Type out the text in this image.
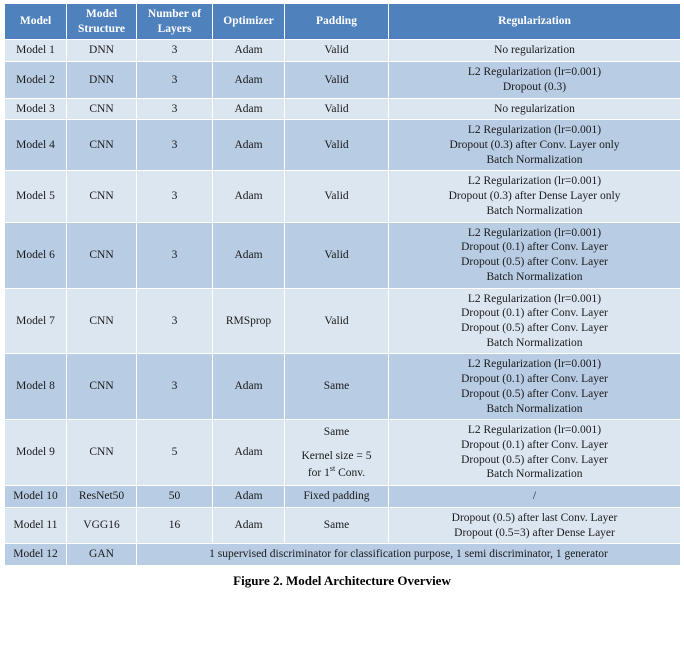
Model	Model Structure	Number of Layers	Optimizer	Padding	Regularization
Model 1	DNN	3	Adam	Valid	No regularization

Model 2	DNN	3	Adam	Valid	L2 Regularization (lr=0.001)
Dropout (0.3)

Model 3	CNN	3	Adam	Valid	No regularization

Model 4	CNN	3	Adam	Valid	L2 Regularization (lr=0.001)
Dropout (0.3) after Conv. Layer only
Batch Normalization

Model 5	CNN	3	Adam	Valid	L2 Regularization (lr=0.001)
Dropout (0.3) after Dense Layer only
Batch Normalization

Model 6	CNN	3	Adam	Valid	L2 Regularization (lr=0.001)
Dropout (0.1) after Conv. Layer
Dropout (0.5) after Conv. Layer
Batch Normalization

Model 7	CNN	3	RMSprop	Valid	L2 Regularization (lr=0.001)
Dropout (0.1) after Conv. Layer
Dropout (0.5) after Conv. Layer
Batch Normalization

Model 8	CNN	3	Adam	Same	L2 Regularization (lr=0.001)
Dropout (0.1) after Conv. Layer
Dropout (0.5) after Conv. Layer
Batch Normalization

Model 9	CNN	5	Adam	Same
Kernel size = 5
for 1st Conv.	L2 Regularization (lr=0.001)
Dropout (0.1) after Conv. Layer
Dropout (0.5) after Conv. Layer
Batch Normalization

Model 10	ResNet50	50	Adam	Fixed padding	/

Model 11	VGG16	16	Adam	Same	Dropout (0.5) after last Conv. Layer
Dropout (0.5=3) after Dense Layer

Model 12	GAN	1 supervised discriminator for classification purpose, 1 semi discriminator, 1 generator			
Figure 2. Model Architecture Overview
